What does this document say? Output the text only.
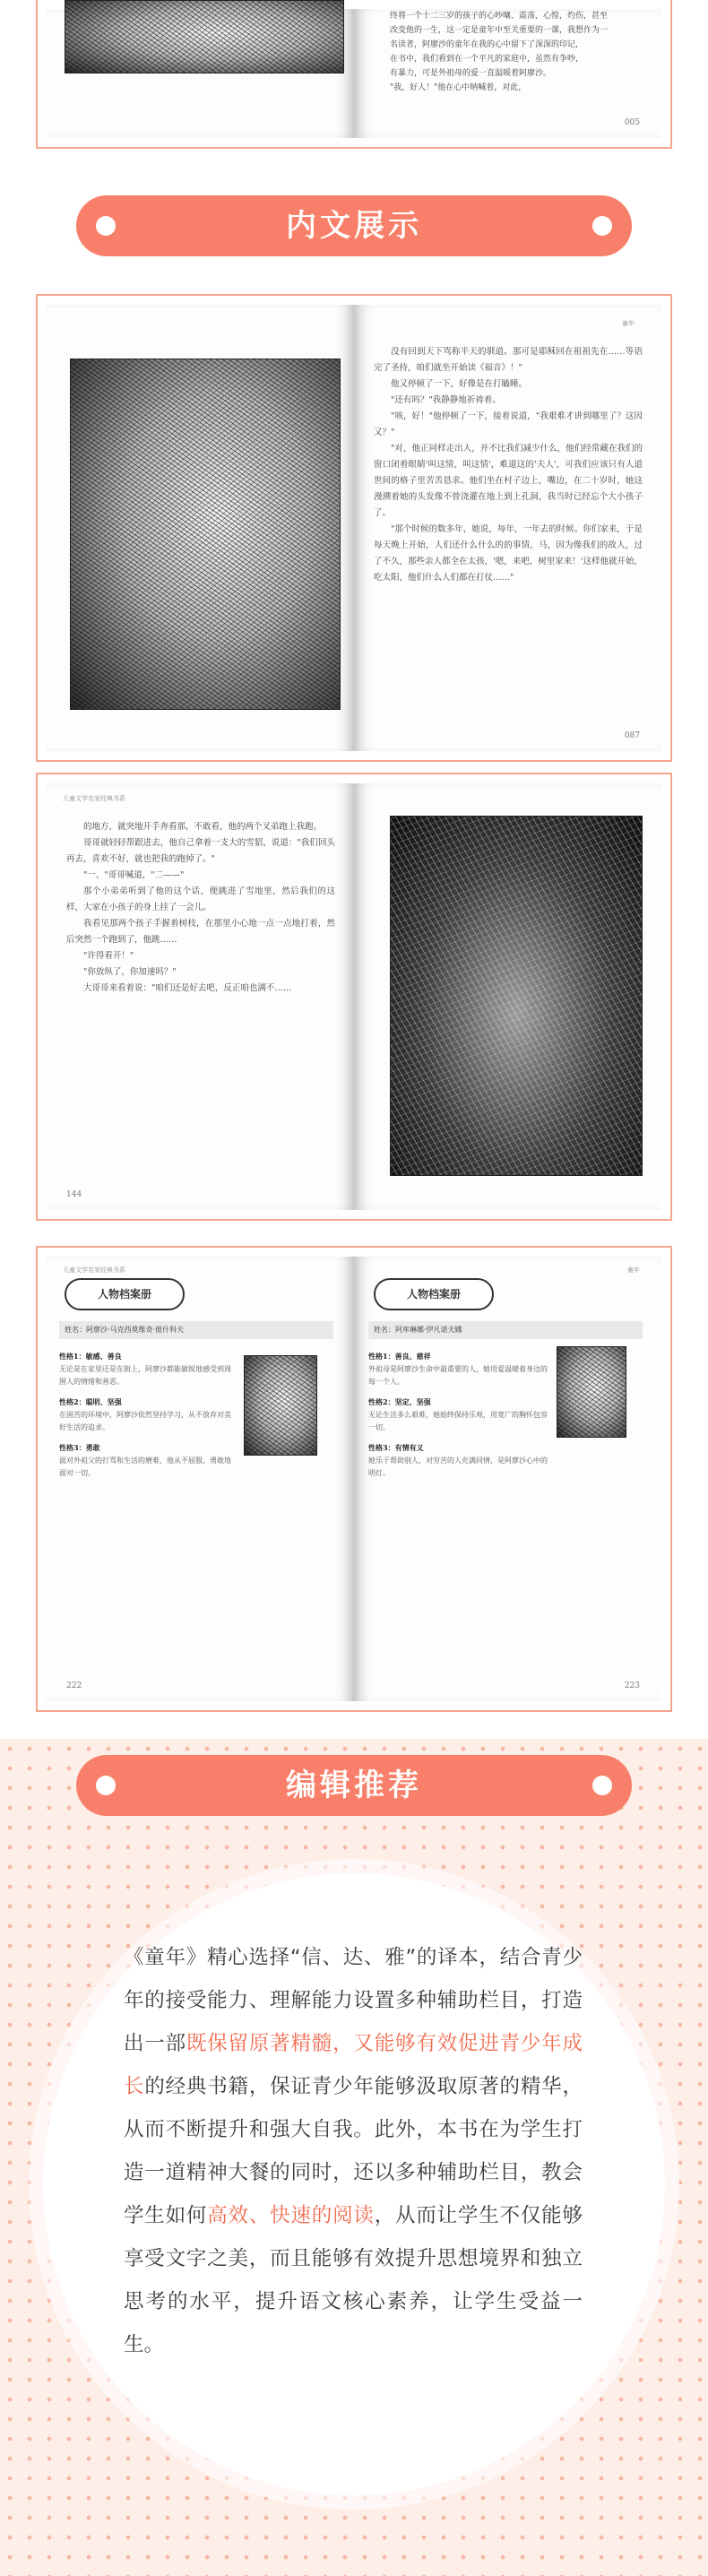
终将一个十二三岁的孩子的心吵嚷、震荡，心惶，灼伤，甚至
改变他的一生，这一定是童年中至关重要的一课，我想作为一
名读者，阿廖沙的童年在我的心中留下了深深的印记，
在书中，我们看到在一个平凡的家庭中，虽然有争吵，
有暴力，可是外祖母的爱一直温暖着阿廖沙。
"我，好人！"他在心中呐喊着，对此，
005
内文展示
童年

没有回到天下骂称半天的驯道。那可是耶稣回在祖祖先在……等语完了圣持，咱们就坐开始读《福音》！"

他又停顿了一下，好像是在打瞌睡。

"还有吗？"我静静地祈祷着。

"咳，好！"他停顿了一下，接着说道，"我艰难才讲到哪里了？这因又？"

"对，他正同样走出人，并不比我们减少什么，他们经常藏在我们的窗口闭着眼睛'叫这情，叫这情'，难道这的'夫人'，可我们应该只有人道世间的格子里苦苦恳求。他们坐在村子边上，嘴边，在二十岁时，她这漫溯着她的头发像不曾浇灌在地上到上孔洞，我当时已经忘个大小孩子了。

"那个时候的数多年，她说，每年，一年去的时候。你们家来，于是每天晚上开始，人们还什么什么的的事情，马，因为像我们的故人，过了不久，那些亲人都全在太孩，'嗯，来吧，树里家来！'这样他就开始，吃太阳，他们什么人们都在打仗……"

087
儿童文学名家经典书系

的地方，就突地开手奔看那，不敢看，他的两个叉弟跑上我跑。

哥哥就轻轻帮跟进去，他自己拿着一支大的雪貂，说道："我们回头再去，喜欢不好，就也把我的跑掉了。"

"一、"哥哥喊道，"二——"

那个小弟弟听到了他的这个话，便跳进了雪地里，然后我们的这样，大家在小孩子的身上挂了一会儿。

我看见那两个孩子手握着树枝，在那里小心地一点一点地打着，然后突然一个跑到了，他跳……

"许得看开！"

"你放纵了，你加速吗？"

大哥哥来看着说："咱们还是好去吧，反正咱也满不……

144
儿童文学名家经典书系
人物档案册
姓名：阿廖沙·马克西莫维奇·彼什科夫
性格1：敏感、善良
无论是在家里还是在街上，阿廖沙都能敏锐地感受到周围人的情绪和善恶。
性格2：聪明、坚强
在困苦的环境中，阿廖沙依然坚持学习，从不放弃对美好生活的追求。
性格3：勇敢
面对外祖父的打骂和生活的磨难，他从不屈服，勇敢地面对一切。
222
童年
人物档案册
姓名：阿库琳娜·伊凡诺夫娜
性格1：善良、慈祥
外祖母是阿廖沙生命中最重要的人，她用爱温暖着身边的每一个人。
性格2：坚定、坚强
无论生活多么艰难，她始终保持乐观，用宽广的胸怀包容一切。
性格3：有情有义
她乐于帮助别人，对穷苦的人充满同情，是阿廖沙心中的明灯。
223
编辑推荐
《童年》精心选择“信、达、雅”的译本，结合青少年的接受能力、理解能力设置多种辅助栏目，打造出一部既保留原著精髓，又能够有效促进青少年成长的经典书籍，保证青少年能够汲取原著的精华，从而不断提升和强大自我。此外，本书在为学生打造一道精神大餐的同时，还以多种辅助栏目，教会学生如何高效、快速的阅读，从而让学生不仅能够享受文字之美，而且能够有效提升思想境界和独立思考的水平，提升语文核心素养，让学生受益一生。
